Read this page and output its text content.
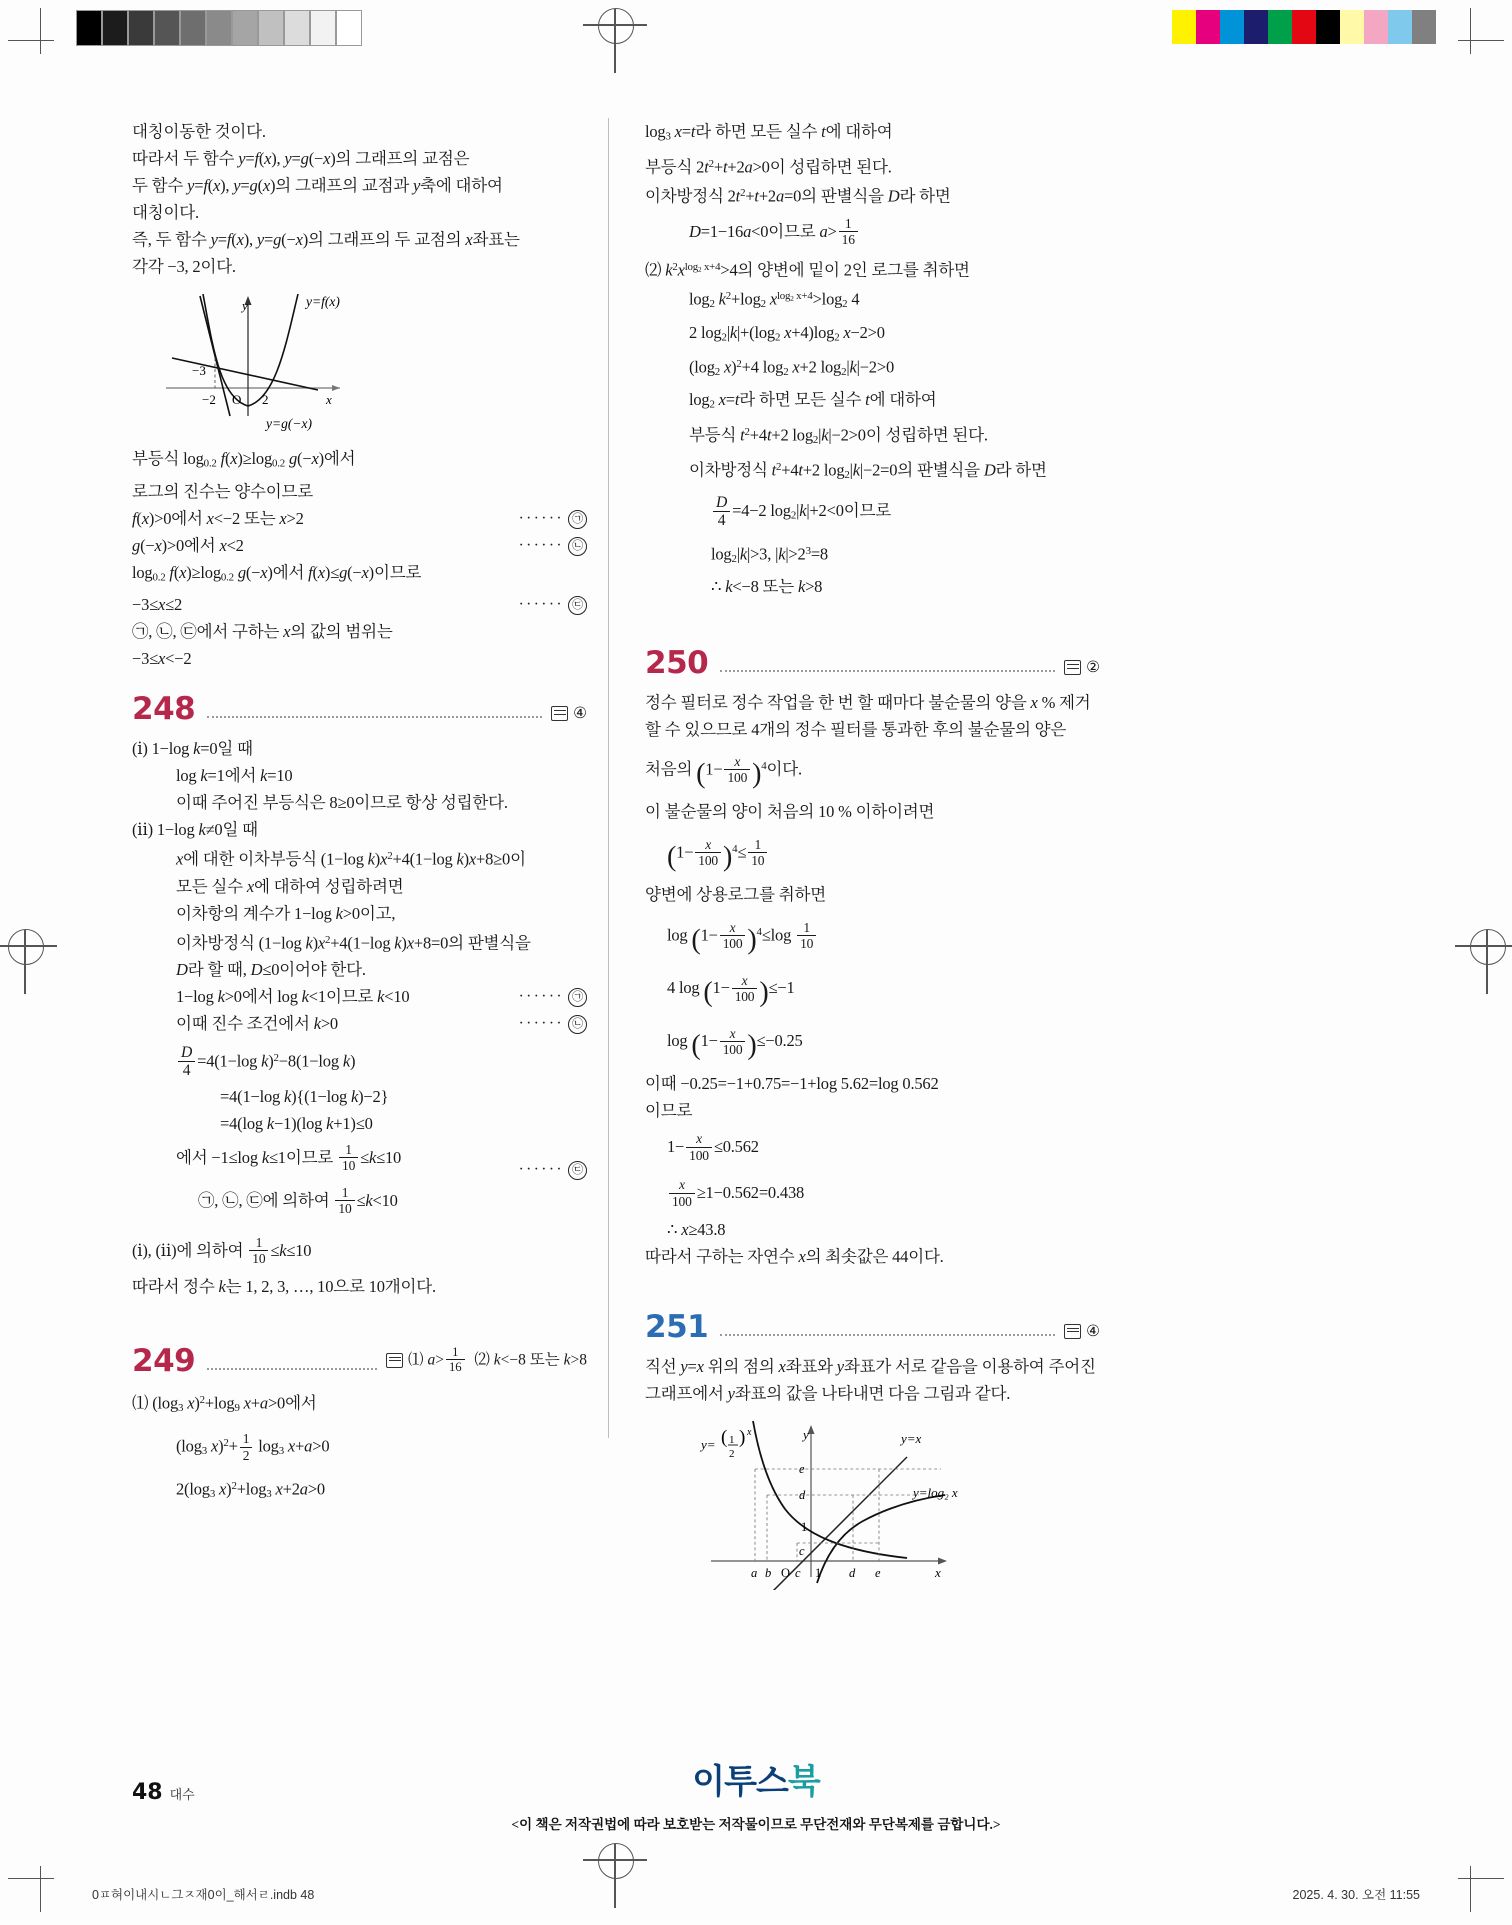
대칭이동한 것이다.
따라서 두 함수 y=f(x), y=g(−x)의 그래프의 교점은
두 함수 y=f(x), y=g(x)의 그래프의 교점과 y축에 대하여
대칭이다.
즉, 두 함수 y=f(x), y=g(−x)의 그래프의 두 교점의 x좌표는
각각 −3, 2이다.
y=f(x)
y=g(−x)
−3
−2 O 2
y
x
부등식 $\log_{0.2} f(x)\ge\log_{0.2}$ g(−x)에서
로그의 진수는 양수이므로
f(x)>0에서 x<−2 또는 x>2	······ ㉠
g(−x)>0에서 x<2	······ ㉡
$\log_{0.2} f(x)\ge\log_{0.2}$ g(−x)에서 f(x)≤g(−x)이므로
−3≤x≤2	······ ㉢
㉠, ㉡, ㉢에서 구하는 x의 값의 범위는
−3≤x<−2
248	④
(ⅰ) 1−log k=0일 때
log k=1에서 k=10
이때 주어진 부등식은 8≥0이므로 항상 성립한다.
(ⅱ) 1−log k≠0일 때
x에 대한 이차부등식 (1−log $k)x^2+4(1-\log$ k)x+8≥0이
모든 실수 x에 대하여 성립하려면
이차항의 계수가 1−log k>0이고,
이차방정식 (1−log $k)x^2+4(1-\log$ k)x+8=0의 판별식을
D라 할 때, D≤0이어야 한다.
1−log k>0에서 log k<1이므로 k<10	······ ㉠
이때 진수 조건에서 k>0	······ ㉡
$\frac{D}{4} =4(1-\log$ k)$^2$−8(1−log k)
=4(1−log k){(1−log k)−2}
=4(log k−1)(log k+1)≤0
에서 −1≤log k≤1이므로 $\frac{1}{10} \le k\le 10$
······ ㉢
㉠, ㉡, ㉢에 의하여 $\frac{1}{10} \le k<10$
(ⅰ), (ⅱ)에 의하여 $\frac{1}{10} \le k\le 10$
따라서 정수 k는 1, 2, 3, …, 10으로 10개이다.
249	⑴ $a> \frac{1}{16}$ ⑵ k<−8 또는 k>8
⑴ ($\log_3$ $x)^2+\log_9$ x+a>0에서
($\log_3$ $x)^2+ \frac{1}{2} \log_3 x+a>0$
$2(\log_3$ $x)^2+\log_3$ x+2a>0
$\log_3 x=t$라 하면 모든 실수 t에 대하여
부등식 $2t^2+t+2a>0$이 성립하면 된다.
이차방정식 $2t^2+t+2a=0$의 판별식을 D라 하면
D=1−16a<0이므로 $a> \frac{1}{16}$
⑵ $k^2x^{log_2 x+4}>4$의 양변에 밑이 2인 로그를 취하면
$\log_2 k^2+\log_2$ $x^{log_2 x+4}>\log_2$ 4
2 $\log_2|k|+(\log_2$ $x+4)\log_2$ x−2>0
($\log_2$ x)$^2$+4 $\log_2 x+2$ $\log_2|k|-2>0$
$\log_2 x=t$라 하면 모든 실수 t에 대하여
부등식 $t^2+4t+2$ $\log_2|k|-2>0$이 성립하면 된다.
이차방정식 $t^2+4t+2$ $\log_2|k|-2=0$의 판별식을 D라 하면
$\frac{D}{4} =4-2$ $\log_2|k|+2<0$이므로
$\log_2|k|>3$, $|k|>2^3=8$
∴ k<−8 또는 k>8
250	②
정수 필터로 정수 작업을 한 번 할 때마다 불순물의 양을 x % 제거
할 수 있으므로 4개의 정수 필터를 통과한 후의 불순물의 양은
처음의 $(1- \frac{x}{100} )^4$이다.
이 불순물의 양이 처음의 10 % 이하이려면
$(1- \frac{x}{100} )^4\le \frac{1}{10}$
양변에 상용로그를 취하면
$\log (1- \frac{x}{100} )^4\le\log \frac{1}{10}$
4 $\log (1- \frac{x}{100} )\le-1$
$\log (1- \frac{x}{100} )\le-0.25$
이때 −0.25=−1+0.75=−1+log 5.62=log 0.562
이므로
$1- \frac{x}{100} \le 0.562$
$\frac{x}{100} \ge 1-0.562=0.438$
∴ x≥43.8
따라서 구하는 자연수 x의 최솟값은 44이다.
251	④
직선 y=x 위의 점의 x좌표와 y좌표가 서로 같음을 이용하여 주어진
그래프에서 y좌표의 값을 나타내면 다음 그림과 같다.
y= ( 1
2
) x	y=x
y=log₂ x
e
d
1
c
a b c 1 d e
O
y
x
48 대수	이투스북
<이 책은 저작권법에 따라 보호받는 저작물이므로 무단전재와 무단복제를 금합니다.>
0ㅍ혀이내시ㄴ그ㅈ재0이_해서ㄹ.indb 48	2025. 4. 30. 오전 11:55
